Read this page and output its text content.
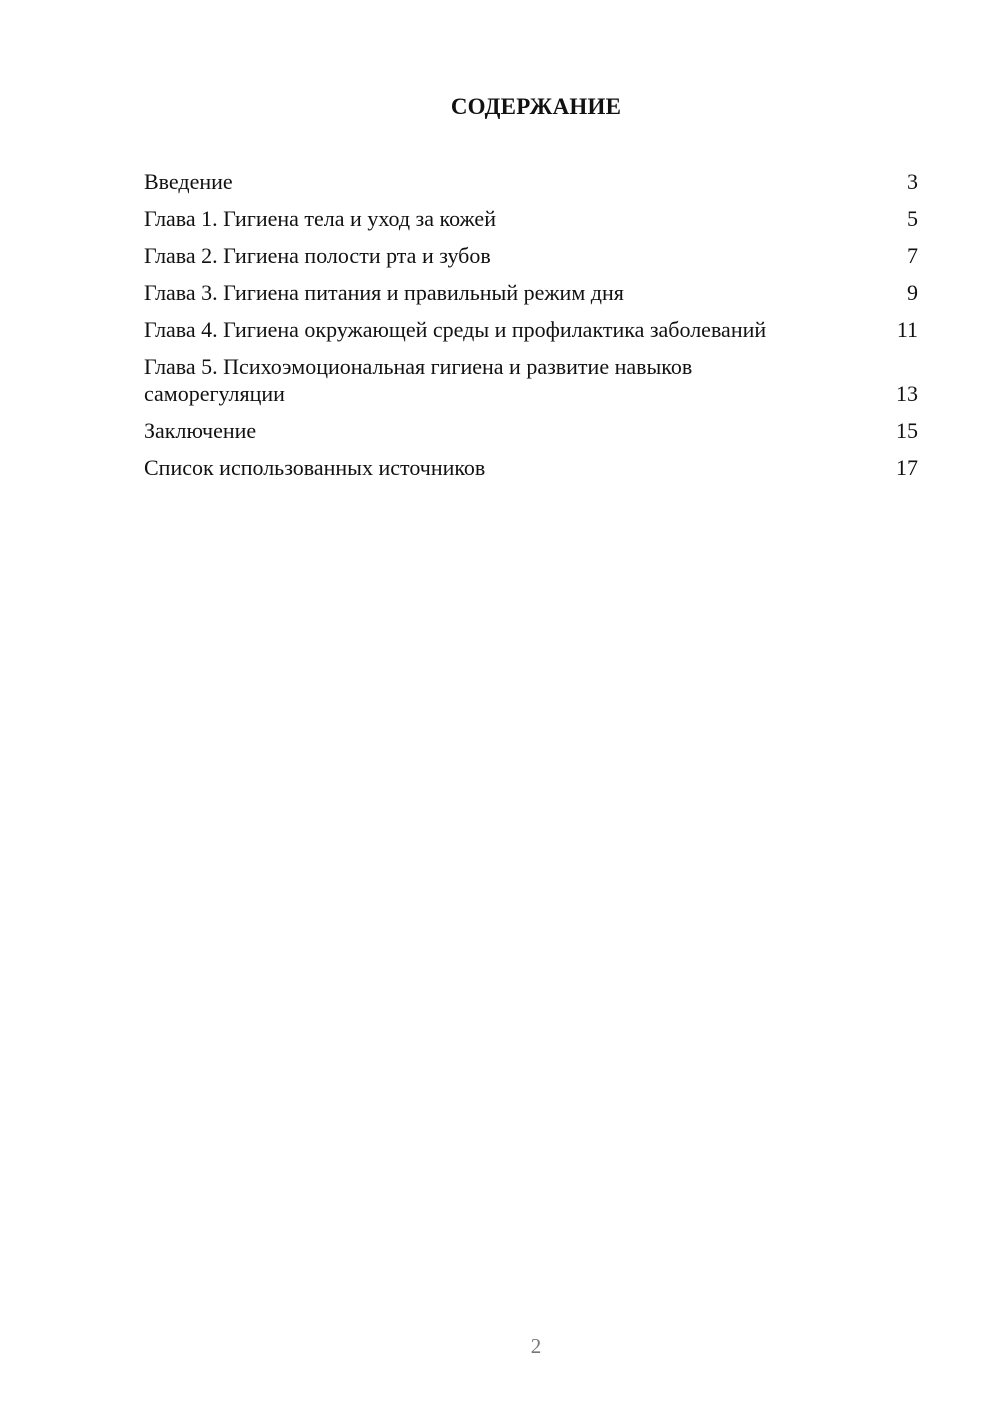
СОДЕРЖАНИЕ
Введение	3
Глава 1. Гигиена тела и уход за кожей	5
Глава 2. Гигиена полости рта и зубов	7
Глава 3. Гигиена питания и правильный режим дня	9
Глава 4. Гигиена окружающей среды и профилактика заболеваний	11
Глава 5. Психоэмоциональная гигиена и развитие навыков саморегуляции	13
Заключение	15
Список использованных источников	17
2
